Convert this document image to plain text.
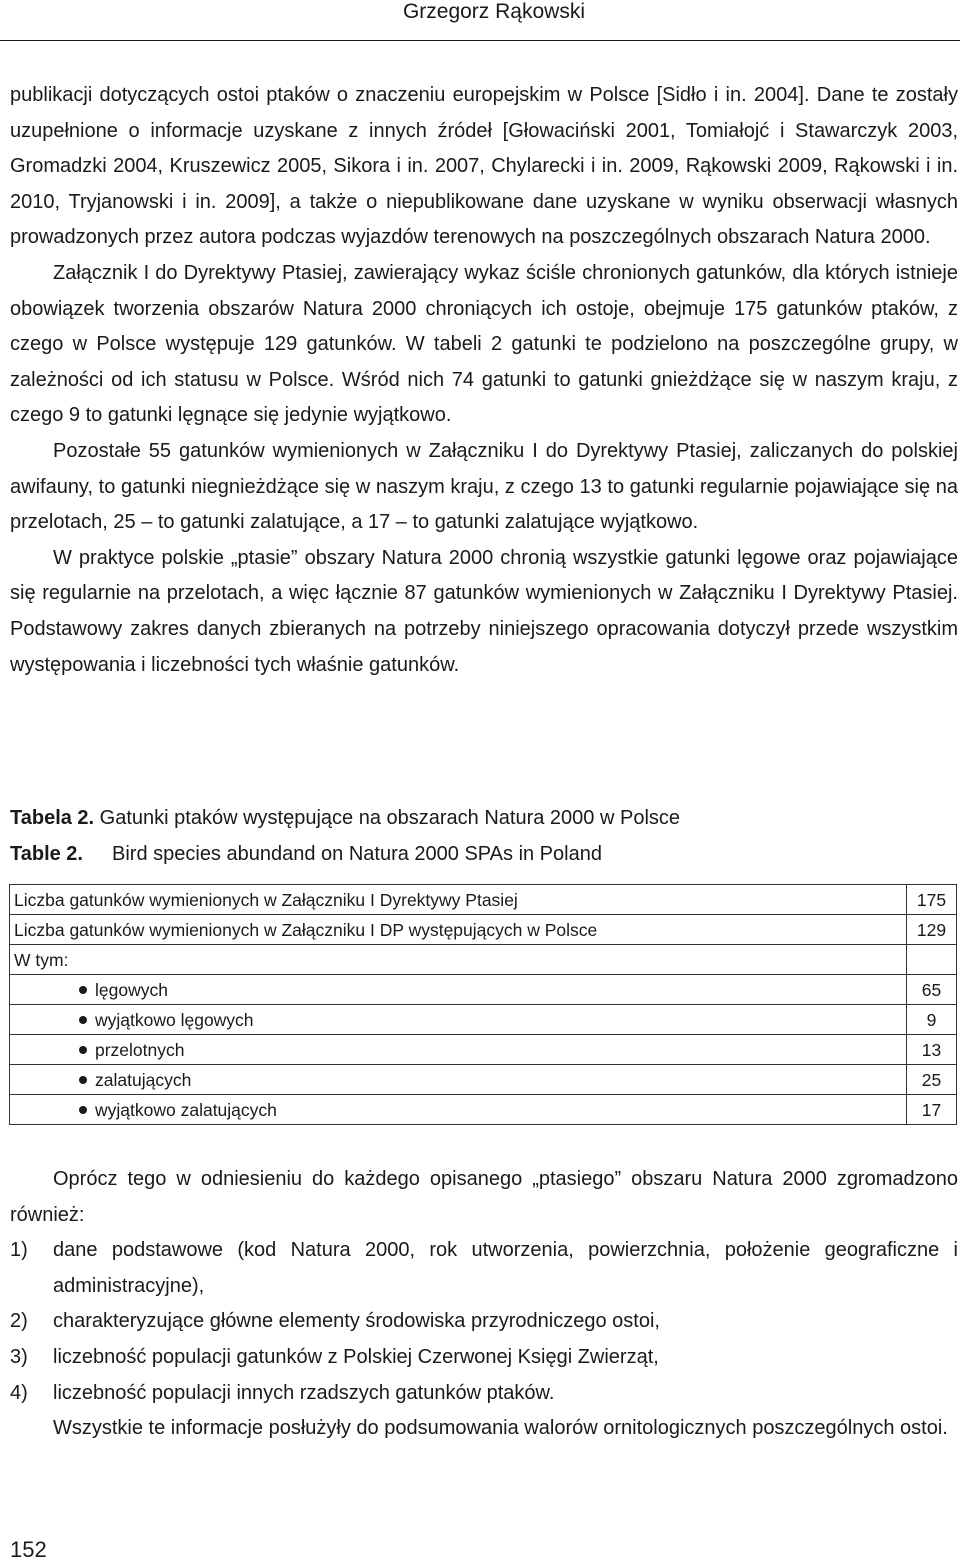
Grzegorz Rąkowski

publikacji dotyczących ostoi ptaków o znaczeniu europejskim w Polsce [Sidło i in. 2004]. Dane te zostały uzupełnione o informacje uzyskane z innych źródeł [Głowaciński 2001, Tomiałojć i Stawarczyk 2003, Gromadzki 2004, Kruszewicz 2005, Sikora i in. 2007, Chylarecki i in. 2009, Rąkowski 2009, Rąkowski i in. 2010, Tryjanowski i in. 2009], a także o niepublikowane dane uzyskane w wyniku obserwacji własnych prowadzonych przez autora podczas wyjazdów terenowych na poszczególnych obszarach Natura 2000.

Załącznik I do Dyrektywy Ptasiej, zawierający wykaz ściśle chronionych gatunków, dla których istnieje obowiązek tworzenia obszarów Natura 2000 chroniących ich ostoje, obejmuje 175 gatunków ptaków, z czego w Polsce występuje 129 gatunków. W tabeli 2 gatunki te podzielono na poszczególne grupy, w zależności od ich statusu w Polsce. Wśród nich 74 gatunki to gatunki gnieżdżące się w naszym kraju, z czego 9 to gatunki lęgnące się jedynie wyjątkowo.

Pozostałe 55 gatunków wymienionych w Załączniku I do Dyrektywy Ptasiej, zaliczanych do polskiej awifauny, to gatunki niegnieżdżące się w naszym kraju, z czego 13 to gatunki regularnie pojawiające się na przelotach, 25 – to gatunki zalatujące, a 17 – to gatunki zalatujące wyjątkowo.

W praktyce polskie „ptasie” obszary Natura 2000 chronią wszystkie gatunki lęgowe oraz pojawiające się regularnie na przelotach, a więc łącznie 87 gatunków wymienionych w Załączniku I Dyrektywy Ptasiej. Podstawowy zakres danych zbieranych na potrzeby niniejszego opracowania dotyczył przede wszystkim występowania i liczebności tych właśnie gatunków.

Tabela 2. Gatunki ptaków występujące na obszarach Natura 2000 w Polsce
Table 2. Bird species abundand on Natura 2000 SPAs in Poland
Liczba gatunków wymienionych w Załączniku I Dyrektywy Ptasiej	175
Liczba gatunków wymienionych w Załączniku I DP występujących w Polsce	129
W tym:	
lęgowych	65
wyjątkowo lęgowych	9
przelotnych	13
zalatujących	25
wyjątkowo zalatujących	17

Oprócz tego w odniesieniu do każdego opisanego „ptasiego” obszaru Natura 2000 zgromadzono również:

1)	dane podstawowe (kod Natura 2000, rok utworzenia, powierzchnia, położenie geograficzne i administracyjne),
2)	charakteryzujące główne elementy środowiska przyrodniczego ostoi,
3)	liczebność populacji gatunków z Polskiej Czerwonej Księgi Zwierząt,
4)	liczebność populacji innych rzadszych gatunków ptaków.

Wszystkie te informacje posłużyły do podsumowania walorów ornitologicznych poszczególnych ostoi.

152
